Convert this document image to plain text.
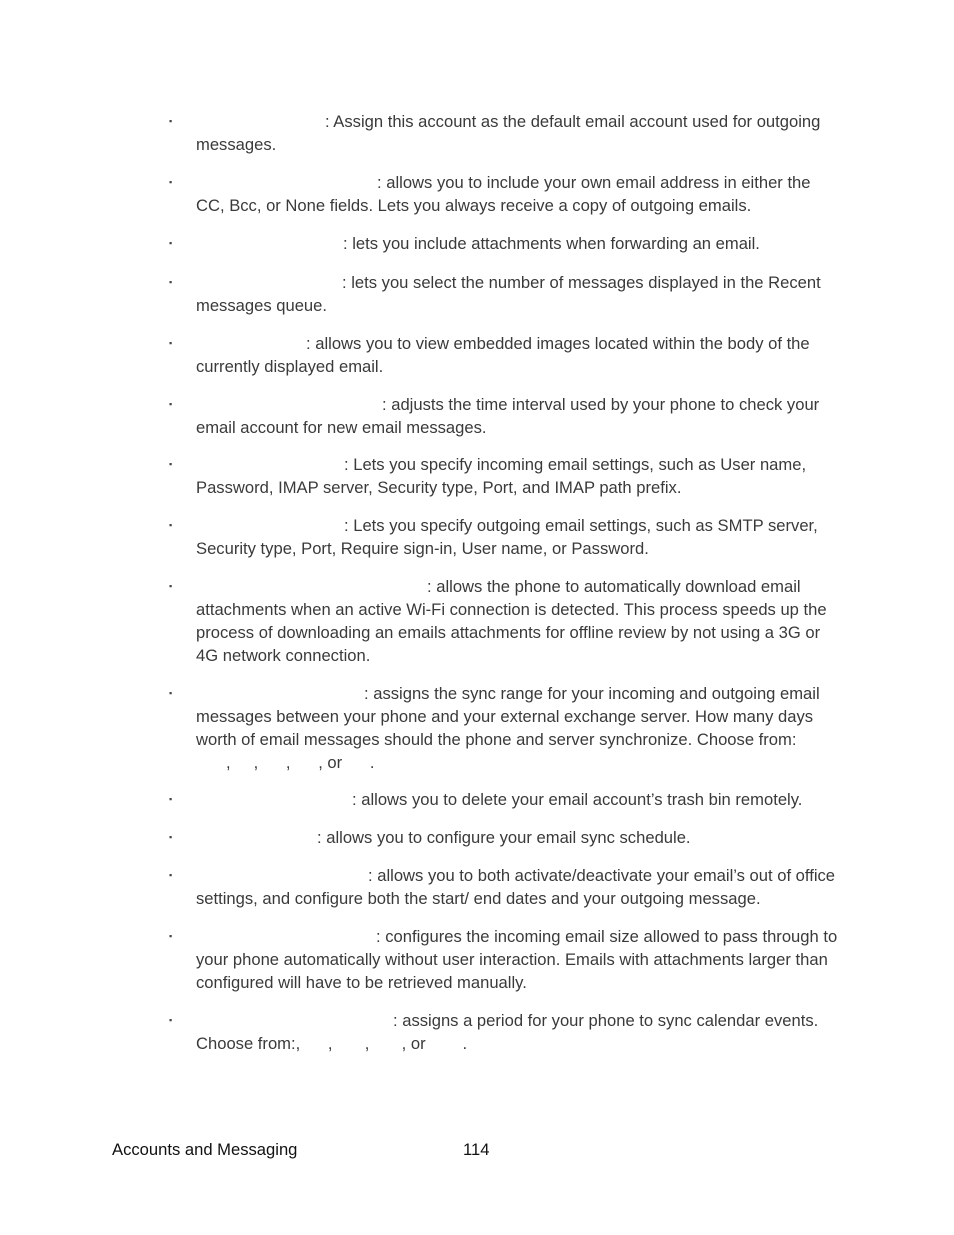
▪	: Assign this account as the default email account used for outgoing messages.
▪	: allows you to include your own email address in either the CC, Bcc, or None fields. Lets you always receive a copy of outgoing emails.
▪	: lets you include attachments when forwarding an email.
▪	: lets you select the number of messages displayed in the Recent messages queue.
▪	: allows you to view embedded images located within the body of the currently displayed email.
▪	: adjusts the time interval used by your phone to check your email account for new email messages.
▪	: Lets you specify incoming email settings, such as User name, Password, IMAP server, Security type, Port, and IMAP path prefix.
▪	: Lets you specify outgoing email settings, such as SMTP server, Security type, Port, Require sign-in, User name, or Password.
▪	: allows the phone to automatically download email attachments when an active Wi-Fi connection is detected. This process speeds up the process of downloading an emails attachments for offline review by not using a 3G or 4G network connection.
▪	: assigns the sync range for your incoming and outgoing email messages between your phone and your external exchange server. How many days worth of email messages should the phone and server synchronize. Choose from:
,     ,      ,      , or      .
▪	: allows you to delete your email account’s trash bin remotely.
▪	: allows you to configure your email sync schedule.
▪	: allows you to both activate/deactivate your email’s out of office settings, and configure both the start/ end dates and your outgoing message.
▪	: configures the incoming email size allowed to pass through to your phone automatically without user interaction. Emails with attachments larger than configured will have to be retrieved manually.
▪	: assigns a period for your phone to sync calendar events. Choose from:,      ,       ,       , or        .
Accounts and Messaging	114
